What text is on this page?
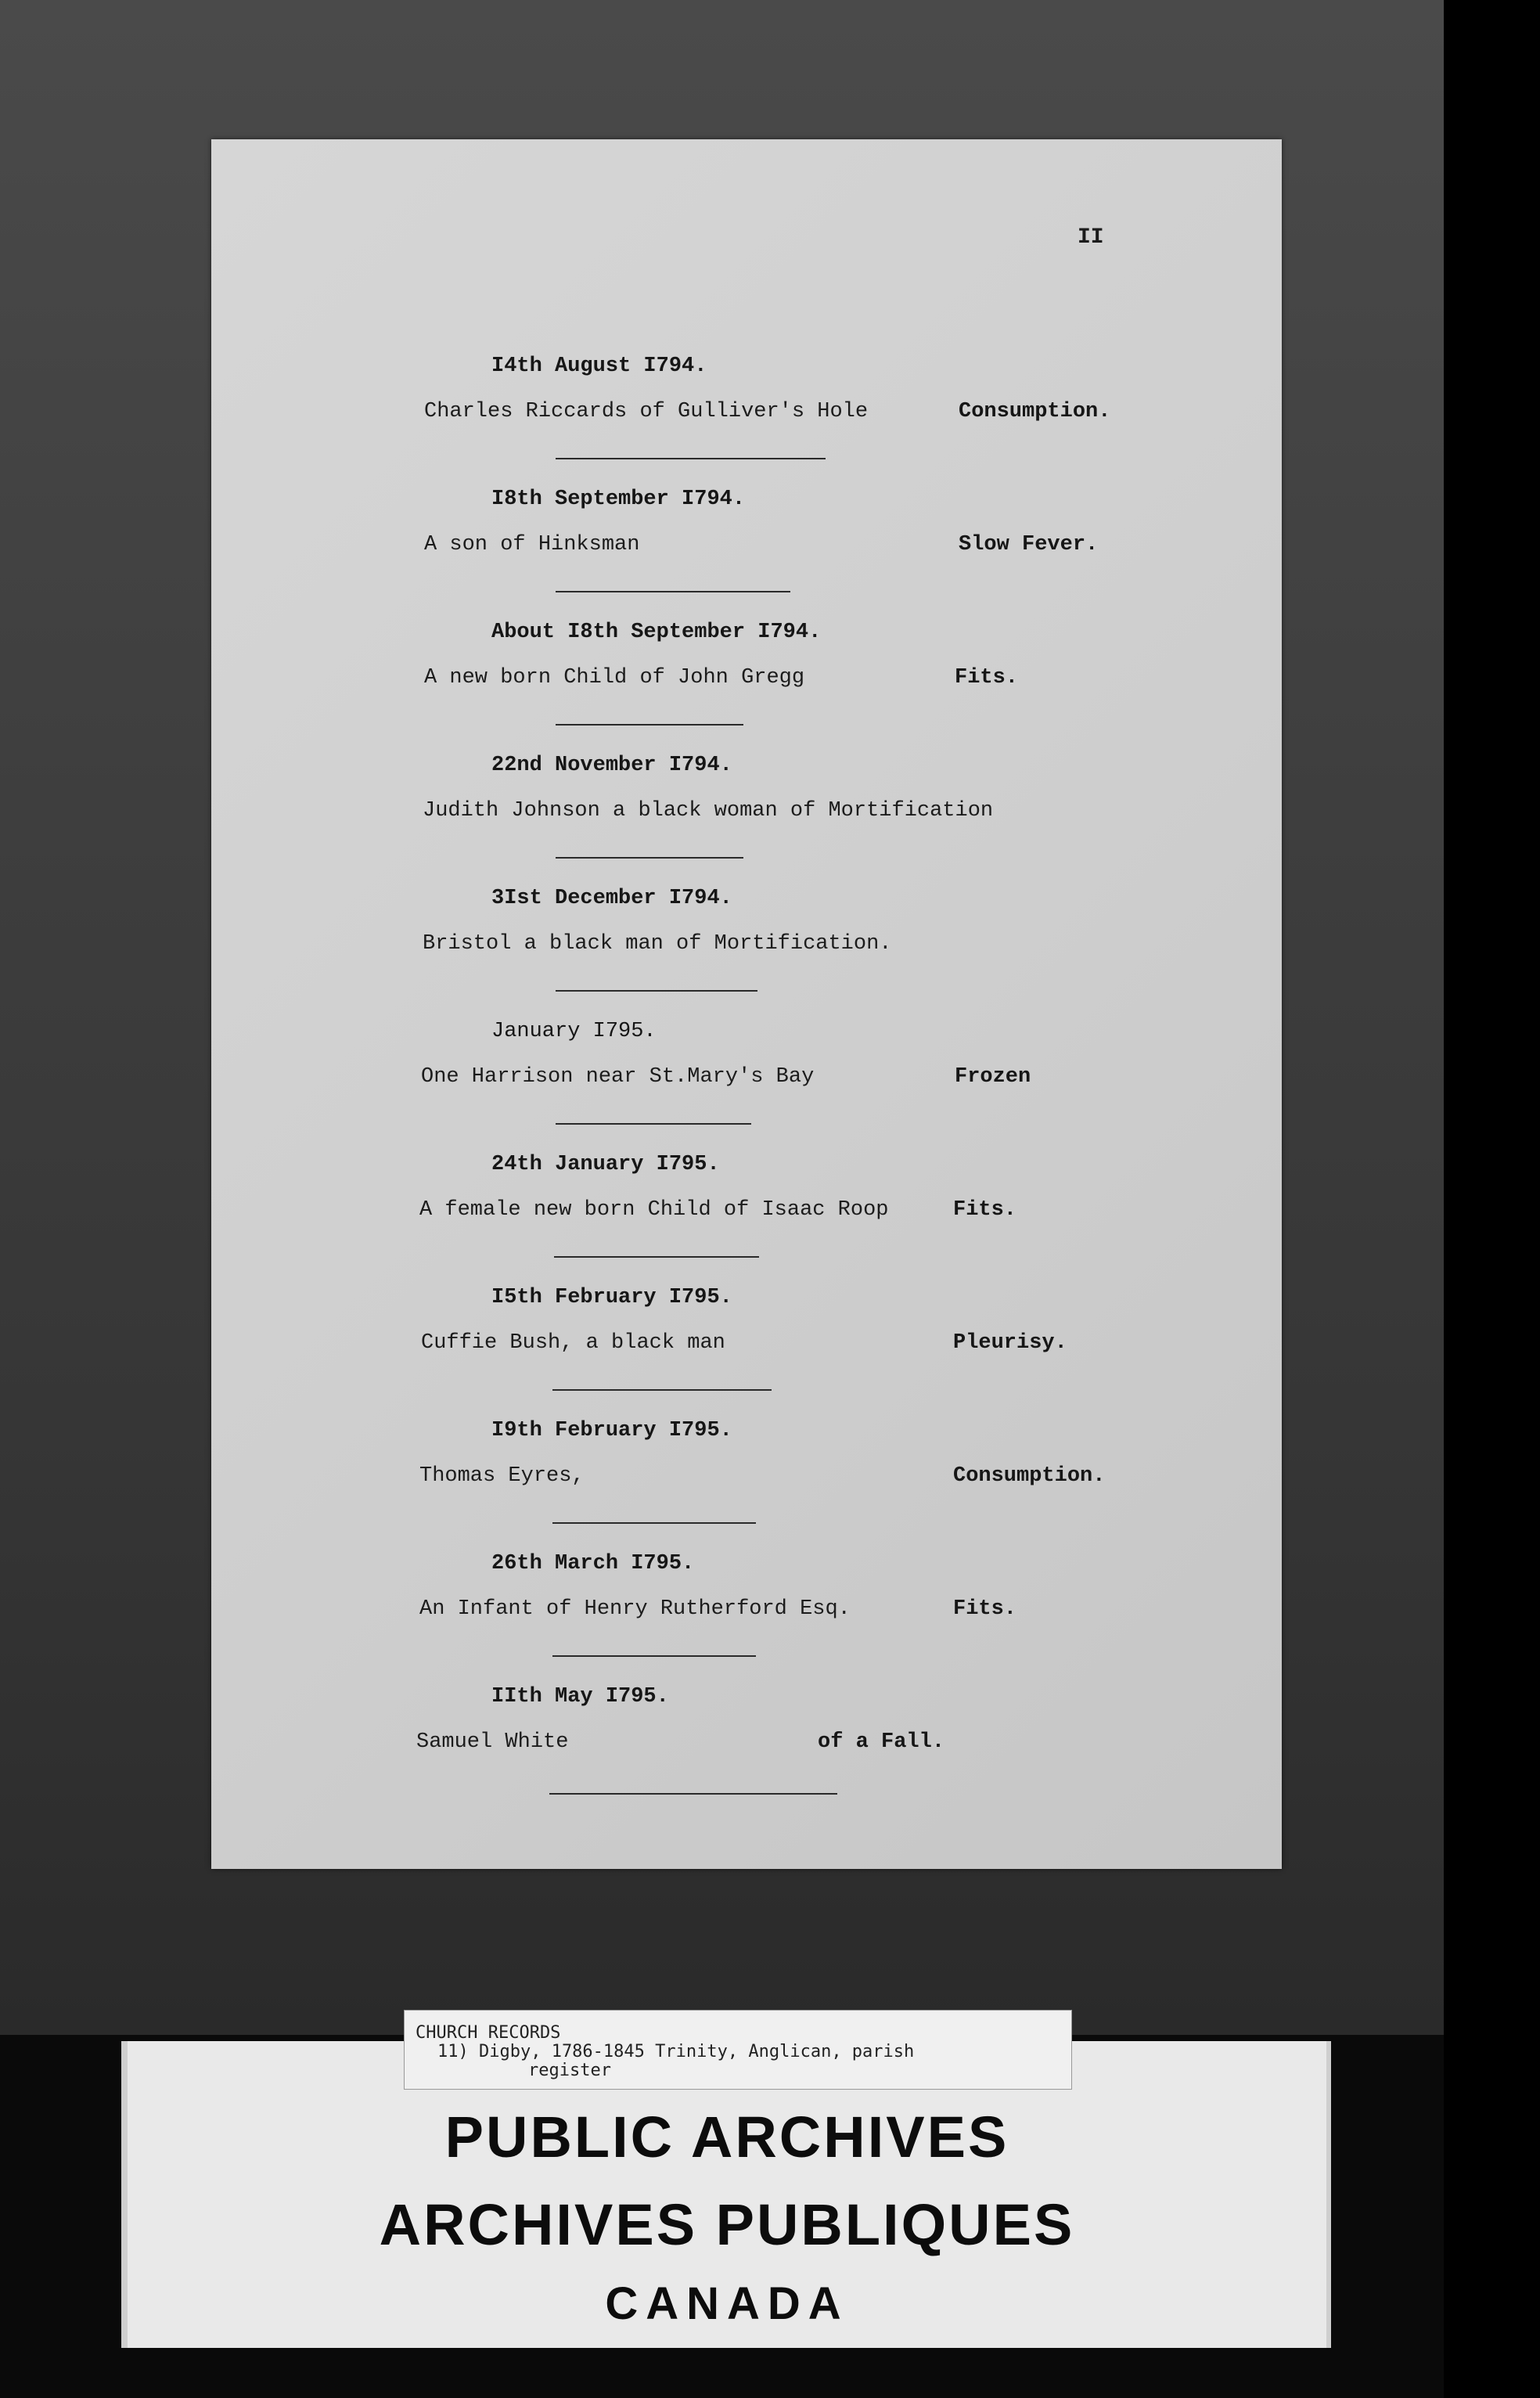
II
I4th August I794.
Charles Riccards of Gulliver's Hole	Consumption.
I8th September I794.
A son of Hinksman	Slow Fever.
About I8th September I794.
A new born Child of John Gregg	Fits.
22nd November I794.
Judith Johnson a black woman of Mortification
3Ist December I794.
Bristol a black man of Mortification.
January I795.
One Harrison near St.Mary's Bay	Frozen
24th January I795.
A female new born Child of Isaac Roop	Fits.
I5th February I795.
Cuffie Bush, a black man	Pleurisy.
I9th February I795.
Thomas Eyres,	Consumption.
26th March I795.
An Infant of Henry Rutherford Esq.	Fits.
IIth May I795.
Samuel White	of a Fall.
PUBLIC ARCHIVES
ARCHIVES PUBLIQUES
CANADA
CHURCH RECORDS
11) Digby, 1786-1845 Trinity, Anglican, parish
register
